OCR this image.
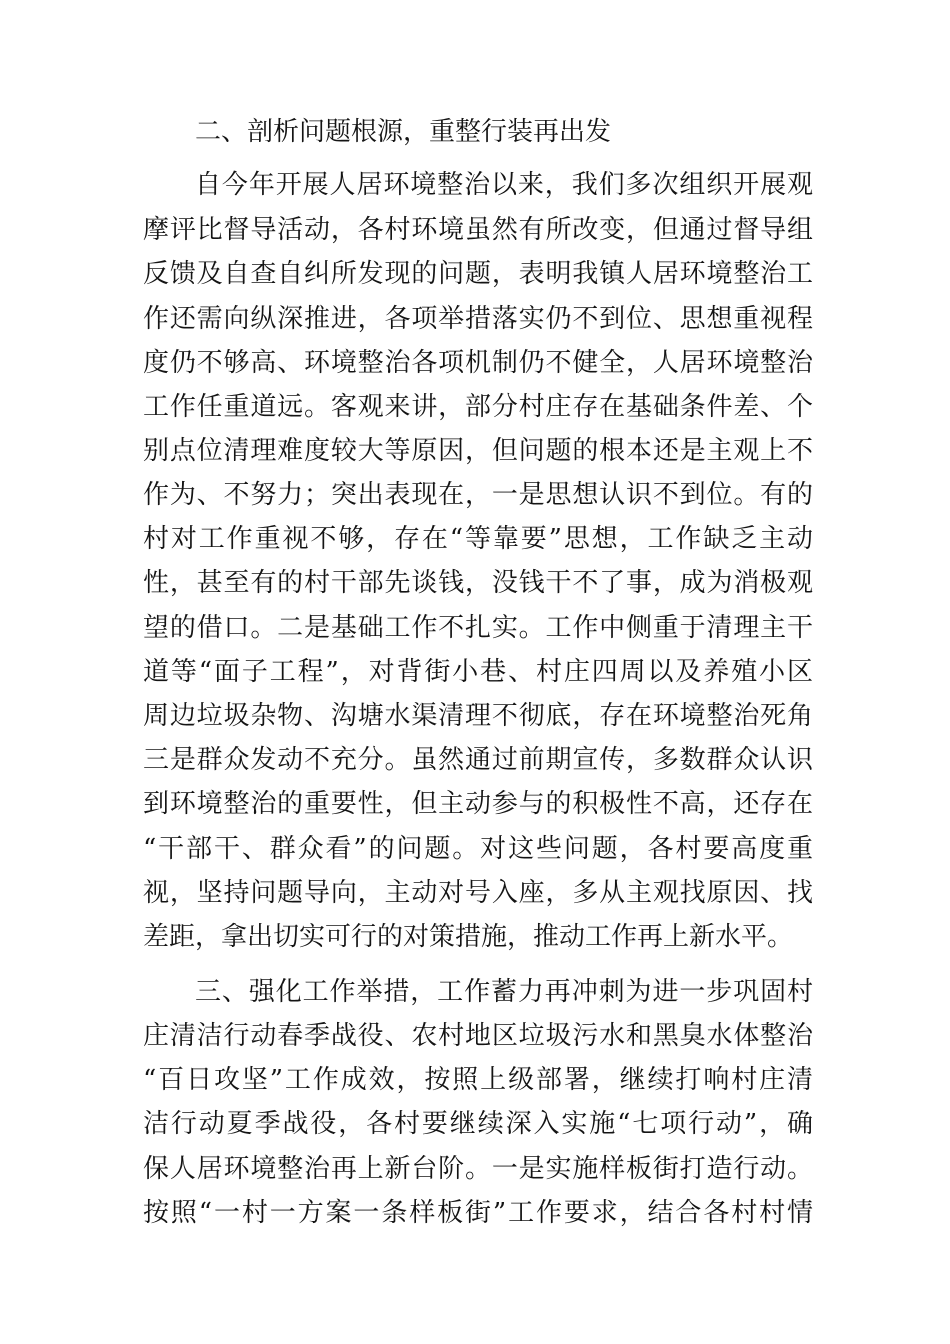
二、剖析问题根源，重整行装再出发
自今年开展人居环境整治以来，我们多次组织开展观
摩评比督导活动，各村环境虽然有所改变，但通过督导组
反馈及自查自纠所发现的问题，表明我镇人居环境整治工
作还需向纵深推进，各项举措落实仍不到位、思想重视程
度仍不够高、环境整治各项机制仍不健全，人居环境整治
工作任重道远。客观来讲，部分村庄存在基础条件差、个
别点位清理难度较大等原因，但问题的根本还是主观上不
作为、不努力；突出表现在，一是思想认识不到位。有的
村对工作重视不够，存在“等靠要”思想，工作缺乏主动
性，甚至有的村干部先谈钱，没钱干不了事，成为消极观
望的借口。二是基础工作不扎实。工作中侧重于清理主干
道等“面子工程”，对背街小巷、村庄四周以及养殖小区
周边垃圾杂物、沟塘水渠清理不彻底，存在环境整治死角
三是群众发动不充分。虽然通过前期宣传，多数群众认识
到环境整治的重要性，但主动参与的积极性不高，还存在
“干部干、群众看”的问题。对这些问题，各村要高度重
视，坚持问题导向，主动对号入座，多从主观找原因、找
差距，拿出切实可行的对策措施，推动工作再上新水平。
三、强化工作举措，工作蓄力再冲刺为进一步巩固村
庄清洁行动春季战役、农村地区垃圾污水和黑臭水体整治
“百日攻坚”工作成效，按照上级部署，继续打响村庄清
洁行动夏季战役，各村要继续深入实施“七项行动”，确
保人居环境整治再上新台阶。一是实施样板街打造行动。
按照“一村一方案一条样板街”工作要求，结合各村村情
